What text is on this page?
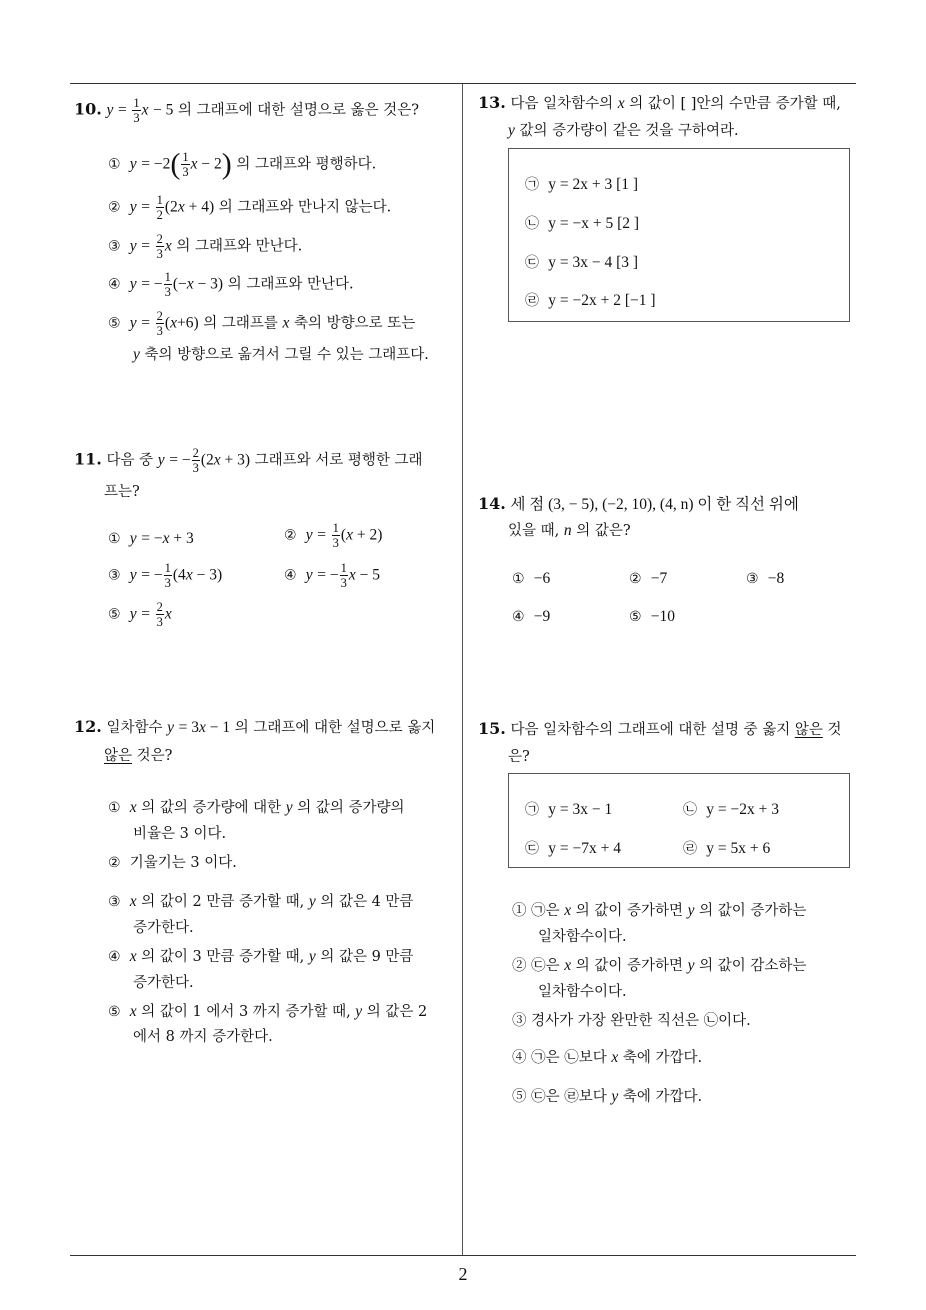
10. $y = \frac{1}{3}$ x − 5 의 그래프에 대한 설명으로 옳은 것은?
① $y = -2( \frac{1}{3}$ x − 2) 의 그래프와 평행하다.
② $y = \frac{1}{2} (2x + 4)$ 의 그래프와 만나지 않는다.
③ $y = \frac{2}{3}$ x 의 그래프와 만난다.
④ y = − $\frac{1}{3} (-x - 3)$ 의 그래프와 만난다.
⑤ $y = \frac{2}{3} (x+6)$ 의 그래프를 x 축의 방향으로 또는
y 축의 방향으로 옮겨서 그릴 수 있는 그래프다.
11. 다음 중 y = − $\frac{2}{3} (2x + 3)$ 그래프와 서로 평행한 그래
프는?
① y = −x + 3	② $y = \frac{1}{3} (x + 2)$
③ y = − $\frac{1}{3} (4x - 3)$	④ y = − $\frac{1}{3}$ x − 5
⑤ $y = \frac{2}{3}$ x
12. 일차함수 y = 3x − 1 의 그래프에 대한 설명으로 옳지
않은 것은?
① x 의 값의 증가량에 대한 y 의 값의 증가량의
비율은 3 이다.
② 기울기는 3 이다.
③ x 의 값이 2 만큼 증가할 때, y 의 값은 4 만큼
증가한다.
④ x 의 값이 3 만큼 증가할 때, y 의 값은 9 만큼
증가한다.
⑤ x 의 값이 1 에서 3 까지 증가할 때, y 의 값은 2
에서 8 까지 증가한다.
13. 다음 일차함수의 x 의 값이 [ ]안의 수만큼 증가할 때,
y 값의 증가량이 같은 것을 구하여라.
㉠ y = 2x + 3 [1 ]
㉡ y = −x + 5 [2 ]
㉢ y = 3x − 4 [3 ]
㉣ y = −2x + 2 [−1 ]
14. 세 점 (3, − 5), (−2, 10), (4, n) 이 한 직선 위에
있을 때, n 의 값은?
① −6	② −7	③ −8
④ −9	⑤ −10
15. 다음 일차함수의 그래프에 대한 설명 중 옳지 않은 것
은?
㉠ y = 3x − 1	㉡ y = −2x + 3
㉢ y = −7x + 4	㉣ y = 5x + 6
① ㉠은 x 의 값이 증가하면 y 의 값이 증가하는
일차함수이다.
② ㉢은 x 의 값이 증가하면 y 의 값이 감소하는
일차함수이다.
③ 경사가 가장 완만한 직선은 ㉡이다.
④ ㉠은 ㉡보다 x 축에 가깝다.
⑤ ㉢은 ㉣보다 y 축에 가깝다.
2
